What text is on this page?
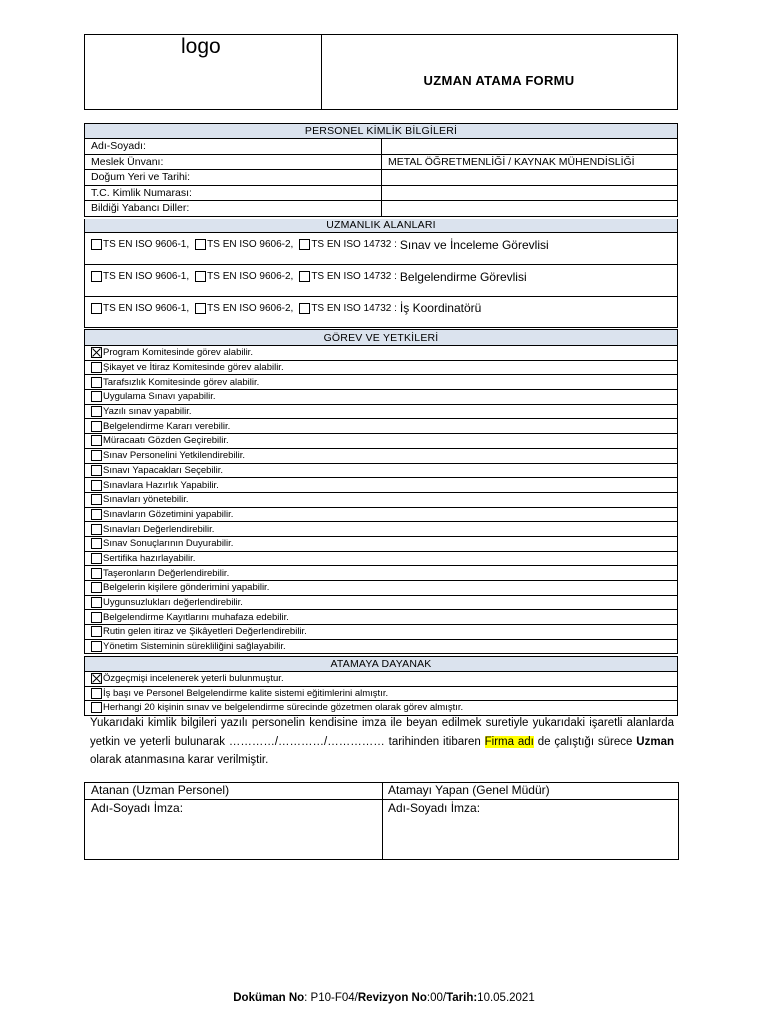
logo
UZMAN ATAMA FORMU
PERSONEL KİMLİK BİLGİLERİ
Adı-Soyadı:
Meslek Ünvanı:	METAL ÖĞRETMENLİĞİ / KAYNAK MÜHENDİSLİĞİ
Doğum Yeri ve Tarihi:
T.C. Kimlik Numarası:
Bildiği Yabancı Diller:
UZMANLIK ALANLARI
TS EN ISO 9606-1, TS EN ISO 9606-2, TS EN ISO 14732 : Sınav ve İnceleme Görevlisi
TS EN ISO 9606-1, TS EN ISO 9606-2, TS EN ISO 14732 : Belgelendirme Görevlisi
TS EN ISO 9606-1, TS EN ISO 9606-2, TS EN ISO 14732 : İş Koordinatörü
GÖREV VE YETKİLERİ
Program Komitesinde görev alabilir.
Şikayet ve İtiraz Komitesinde görev alabilir.
Tarafsızlık Komitesinde görev alabilir.
Uygulama Sınavı yapabilir.
Yazılı sınav yapabilir.
Belgelendirme Kararı verebilir.
Müracaatı Gözden Geçirebilir.
Sınav Personelini Yetkilendirebilir.
Sınavı Yapacakları Seçebilir.
Sınavlara Hazırlık Yapabilir.
Sınavları yönetebilir.
Sınavların Gözetimini yapabilir.
Sınavları Değerlendirebilir.
Sınav Sonuçlarının Duyurabilir.
Sertifika hazırlayabilir.
Taşeronların Değerlendirebilir.
Belgelerin kişilere gönderimini yapabilir.
Uygunsuzlukları değerlendirebilir.
Belgelendirme Kayıtlarını muhafaza edebilir.
Rutin gelen itiraz ve Şikâyetleri Değerlendirebilir.
Yönetim Sisteminin sürekliliğini sağlayabilir.
ATAMAYA DAYANAK
Özgeçmişi incelenerek yeterli bulunmuştur.
İş başı ve Personel Belgelendirme kalite sistemi eğitimlerini almıştır.
Herhangi 20 kişinin sınav ve belgelendirme sürecinde gözetmen olarak görev almıştır.
Yukarıdaki kimlik bilgileri yazılı personelin kendisine imza ile beyan edilmek suretiyle yukarıdaki işaretli alanlarda yetkin ve yeterli bulunarak …………/…………/…………… tarihinden itibaren Firma adı de çalıştığı sürece Uzman olarak atanmasına karar verilmiştir.
Atanan (Uzman Personel)	Atamayı Yapan (Genel Müdür)
Adı-Soyadı İmza:	Adı-Soyadı İmza:
Doküman No: P10-F04/Revizyon No:00/Tarih:10.05.2021
